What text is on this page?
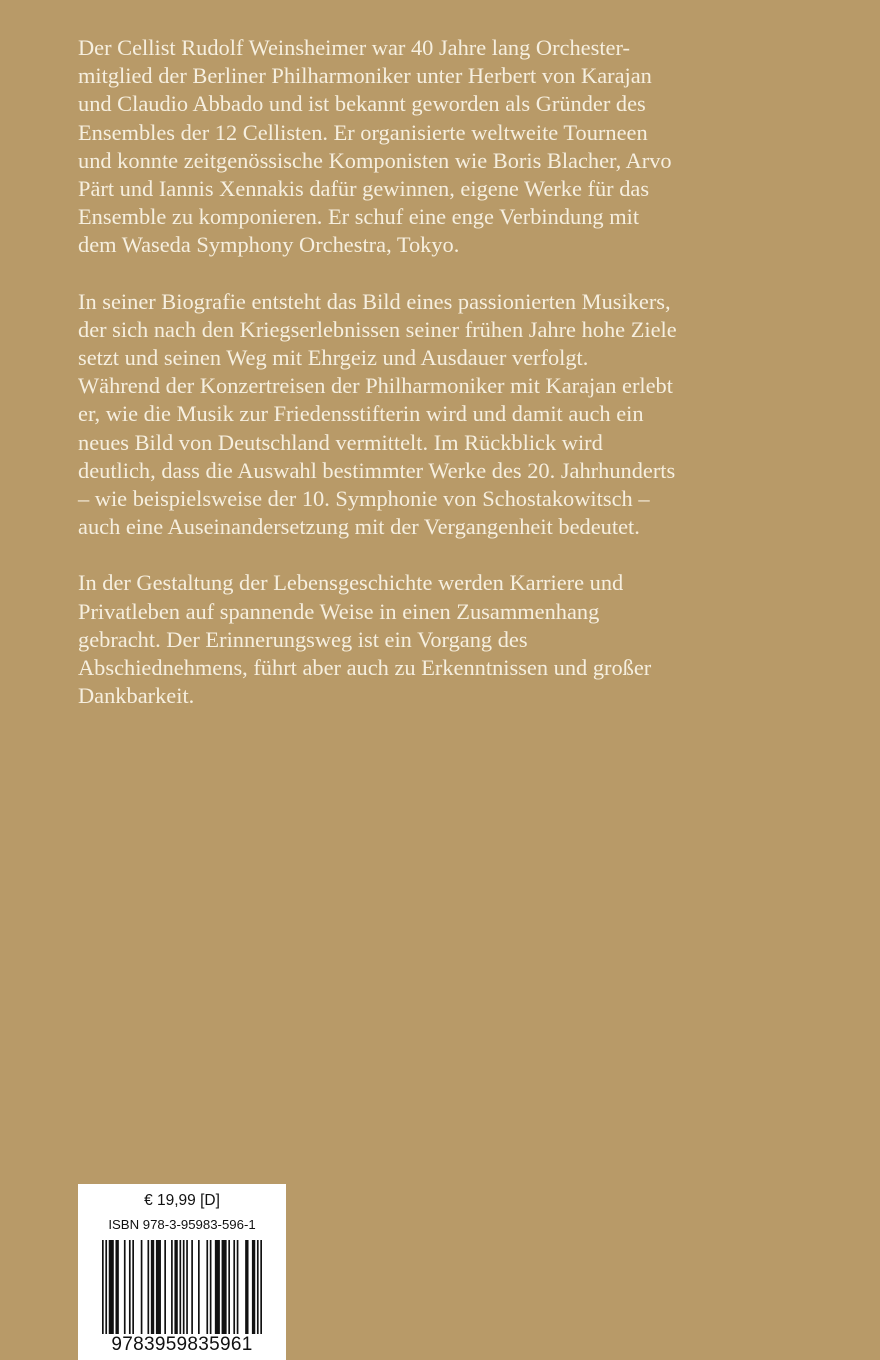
Der Cellist Rudolf Weinsheimer war 40 Jahre lang Orchester-
mitglied der Berliner Philharmoniker unter Herbert von Karajan
und Claudio Abbado und ist bekannt geworden als Gründer des
Ensembles der 12 Cellisten. Er organisierte weltweite Tourneen
und konnte zeitgenössische Komponisten wie Boris Blacher, Arvo
Pärt und Iannis Xennakis dafür gewinnen, eigene Werke für das
Ensemble zu komponieren. Er schuf eine enge Verbindung mit
dem Waseda Symphony Orchestra, Tokyo.

In seiner Biografie entsteht das Bild eines passionierten Musikers,
der sich nach den Kriegserlebnissen seiner frühen Jahre hohe Ziele
setzt und seinen Weg mit Ehrgeiz und Ausdauer verfolgt.
Während der Konzertreisen der Philharmoniker mit Karajan erlebt
er, wie die Musik zur Friedensstifterin wird und damit auch ein
neues Bild von Deutschland vermittelt. Im Rückblick wird
deutlich, dass die Auswahl bestimmter Werke des 20. Jahrhunderts
– wie beispielsweise der 10. Symphonie von Schostakowitsch –
auch eine Auseinandersetzung mit der Vergangenheit bedeutet.

In der Gestaltung der Lebensgeschichte werden Karriere und
Privatleben auf spannende Weise in einen Zusammenhang
gebracht. Der Erinnerungsweg ist ein Vorgang des
Abschiednehmens, führt aber auch zu Erkenntnissen und großer
Dankbarkeit.

€ 19,99 [D]
ISBN 978-3-95983-596-1
9783959835961
